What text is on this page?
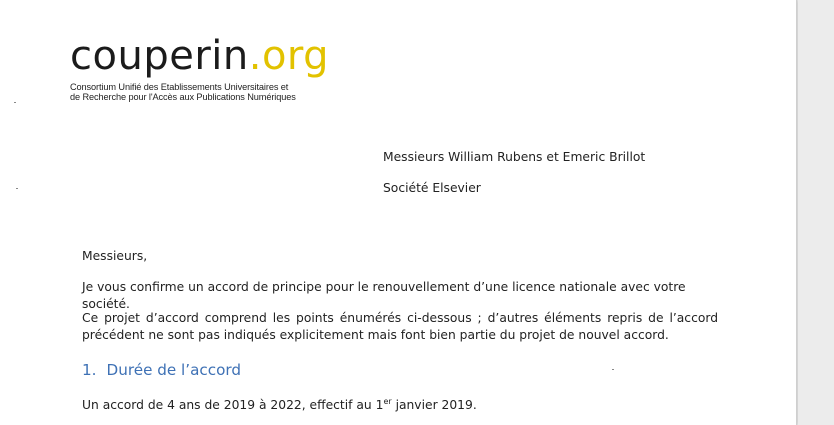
couperin.org
Consortium Unifié des Etablissements Universitaires et
de Recherche pour l'Accès aux Publications Numériques
Messieurs William Rubens et Emeric Brillot
Société Elsevier
Messieurs,
Je vous confirme un accord de principe pour le renouvellement d’une licence nationale avec votre société.
Ce projet d’accord comprend les points énumérés ci-dessous ; d’autres éléments repris de l’accord précédent ne sont pas indiqués explicitement mais font bien partie du projet de nouvel accord.
1. Durée de l’accord
Un accord de 4 ans de 2019 à 2022, effectif au 1er janvier 2019.
